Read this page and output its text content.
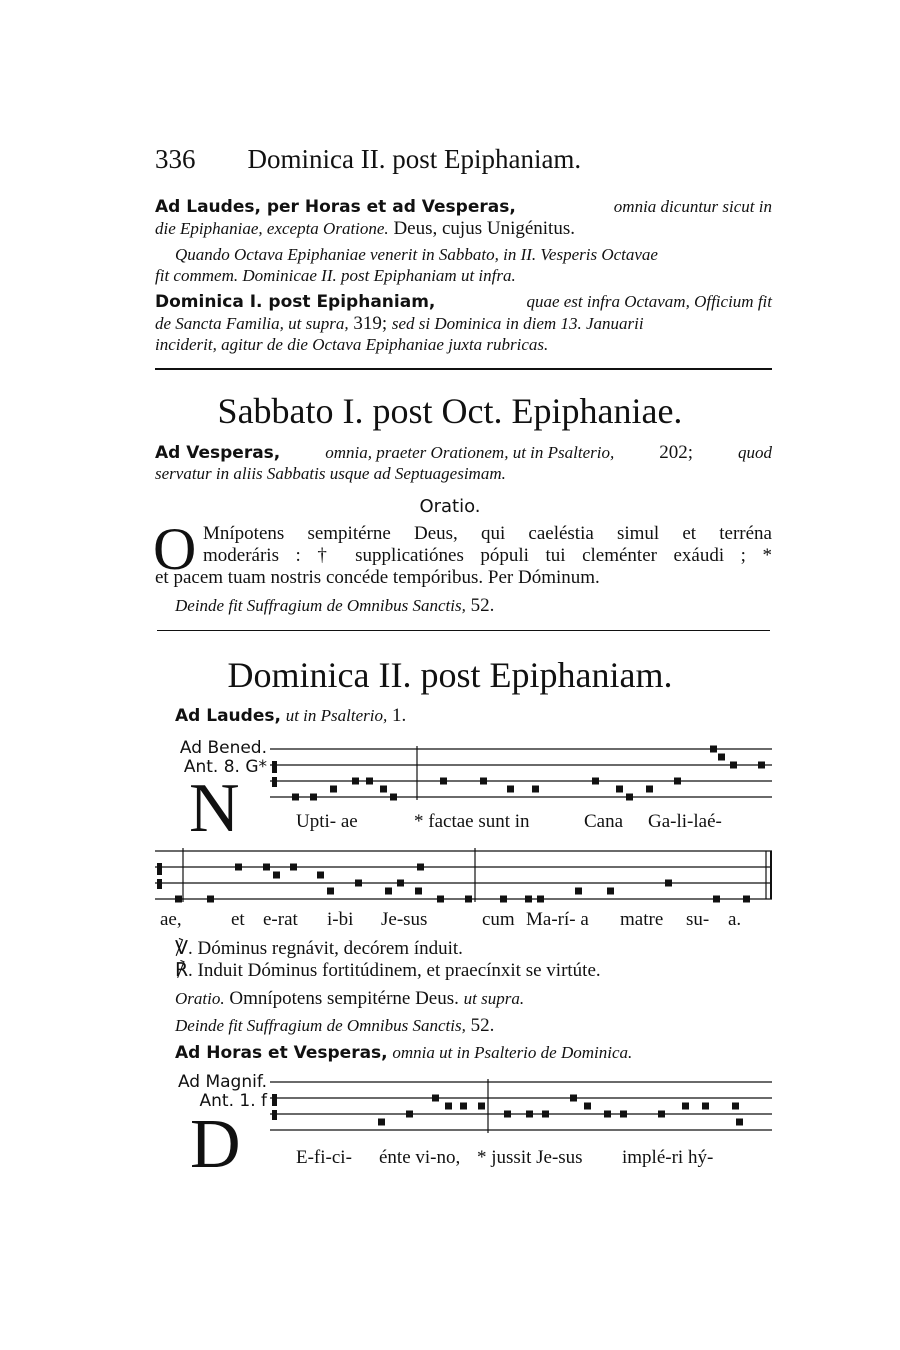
336 Dominica II. post Epiphaniam.
Ad Laudes, per Horas et ad Vesperas,	omnia dicuntur sicut in
die Epiphaniae, excepta Oratione. Deus, cujus Unigénitus.
Quando Octava Epiphaniae venerit in Sabbato, in II. Vesperis Octavae
fit commem. Dominicae II. post Epiphaniam ut infra.
Dominica I. post Epiphaniam,	quae est infra Octavam, Officium fit
de Sancta Familia, ut supra, 319; sed si Dominica in diem 13. Januarii
inciderit, agitur de die Octava Epiphaniae juxta rubricas.
Sabbato I. post Oct. Epiphaniae.
Ad Vesperas,	omnia, praeter Orationem, ut in Psalterio, 202;	quod
servatur in aliis Sabbatis usque ad Septuagesimam.
Oratio.
O Mnípotens sempitérne Deus, qui caeléstia simul et terréna
moderáris : † supplicatiónes pópuli tui cleménter exáudi ; *
et pacem tuam nostris concéde tempóribus. Per Dóminum.
Deinde fit Suffragium de Omnibus Sanctis, 52.
Dominica II. post Epiphaniam.
Ad Laudes, ut in Psalterio, 1.
Ad Bened.
Ant. 8. G*
N	Upti- ae	* factae sunt in	Cana Ga-li-laé-
ae,	et e-rat i-bi Je-sus	cum Ma-rí- a matre su- a.
℣. Dóminus regnávit, decórem índuit.
℟. Induit Dóminus fortitúdinem, et praecínxit se virtúte.
Oratio. Omnípotens sempitérne Deus. ut supra.
Deinde fit Suffragium de Omnibus Sanctis, 52.
Ad Horas et Vesperas, omnia ut in Psalterio de Dominica.
Ad Magnif.
Ant. 1. f
D	E-fi-ci- énte vi-no, * jussit Je-sus implé-ri hý-
